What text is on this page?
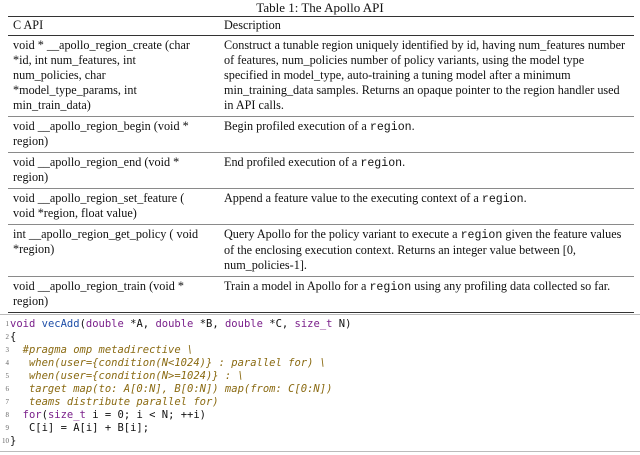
Table 1: The Apollo API
C API	Description
void * __apollo_region_create (char *id, int num_features, int num_policies, char *model_type_params, int min_train_data)	Construct a tunable region uniquely identified by id, having num_features number of features, num_policies number of policy variants, using the model type specified in model_type, auto-training a tuning model after a minimum min_training_data samples. Returns an opaque pointer to the region handler used in API calls.
void __apollo_region_begin (void * region)	Begin profiled execution of a region.
void __apollo_region_end (void * region)	End profiled execution of a region.
void __apollo_region_set_feature ( void *region, float value)	Append a feature value to the executing context of a region.
int __apollo_region_get_policy ( void *region)	Query Apollo for the policy variant to execute a region given the feature values of the enclosing execution context. Returns an integer value between [0, num_policies-1].
void __apollo_region_train (void * region)	Train a model in Apollo for a region using any profiling data collected so far.
1 void vecAdd(double *A, double *B, double *C, size_t N)
2 {
3 #pragma omp metadirective \
4 when(user={condition(N<1024)} : parallel for) \
5 when(user={condition(N>=1024)} : \
6 target map(to: A[0:N], B[0:N]) map(from: C[0:N])
7 teams distribute parallel for)
8	for(size_t i = 0; i < N; ++i)
9 C[i] = A[i] + B[i];
10 }
